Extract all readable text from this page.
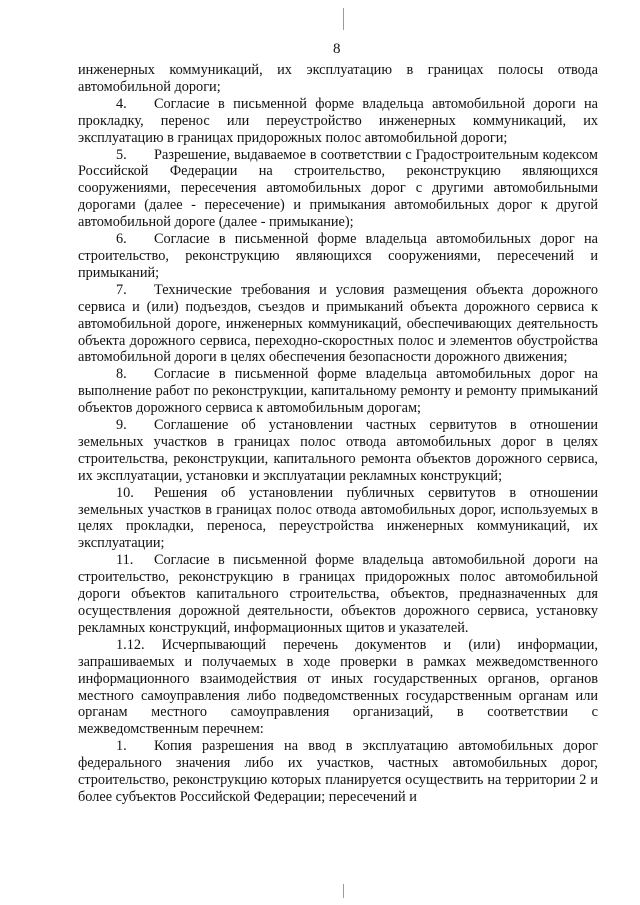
8

инженерных коммуникаций, их эксплуатацию в границах полосы отвода автомобильной дороги;

4. Согласие в письменной форме владельца автомобильной дороги на прокладку, перенос или переустройство инженерных коммуникаций, их эксплуатацию в границах придорожных полос автомобильной дороги;

5. Разрешение, выдаваемое в соответствии с Градостроительным кодексом Российской Федерации на строительство, реконструкцию являющихся сооружениями, пересечения автомобильных дорог с другими автомобильными дорогами (далее - пересечение) и примыкания автомобильных дорог к другой автомобильной дороге (далее - примыкание);

6. Согласие в письменной форме владельца автомобильных дорог на строительство, реконструкцию являющихся сооружениями, пересечений и примыканий;

7. Технические требования и условия размещения объекта дорожного сервиса и (или) подъездов, съездов и примыканий объекта дорожного сервиса к автомобильной дороге, инженерных коммуникаций, обеспечивающих деятельность объекта дорожного сервиса, переходно-скоростных полос и элементов обустройства автомобильной дороги в целях обеспечения безопасности дорожного движения;

8. Согласие в письменной форме владельца автомобильных дорог на выполнение работ по реконструкции, капитальному ремонту и ремонту примыканий объектов дорожного сервиса к автомобильным дорогам;

9. Соглашение об установлении частных сервитутов в отношении земельных участков в границах полос отвода автомобильных дорог в целях строительства, реконструкции, капитального ремонта объектов дорожного сервиса, их эксплуатации, установки и эксплуатации рекламных конструкций;

10. Решения об установлении публичных сервитутов в отношении земельных участков в границах полос отвода автомобильных дорог, используемых в целях прокладки, переноса, переустройства инженерных коммуникаций, их эксплуатации;

11. Согласие в письменной форме владельца автомобильной дороги на строительство, реконструкцию в границах придорожных полос автомобильной дороги объектов капитального строительства, объектов, предназначенных для осуществления дорожной деятельности, объектов дорожного сервиса, установку рекламных конструкций, информационных щитов и указателей.

1.12. Исчерпывающий перечень документов и (или) информации, запрашиваемых и получаемых в ходе проверки в рамках межведомственного информационного взаимодействия от иных государственных органов, органов местного самоуправления либо подведомственных государственным органам или органам местного самоуправления организаций, в соответствии с межведомственным перечнем:

1. Копия разрешения на ввод в эксплуатацию автомобильных дорог федерального значения либо их участков, частных автомобильных дорог, строительство, реконструкцию которых планируется осуществить на территории 2 и более субъектов Российской Федерации; пересечений и
